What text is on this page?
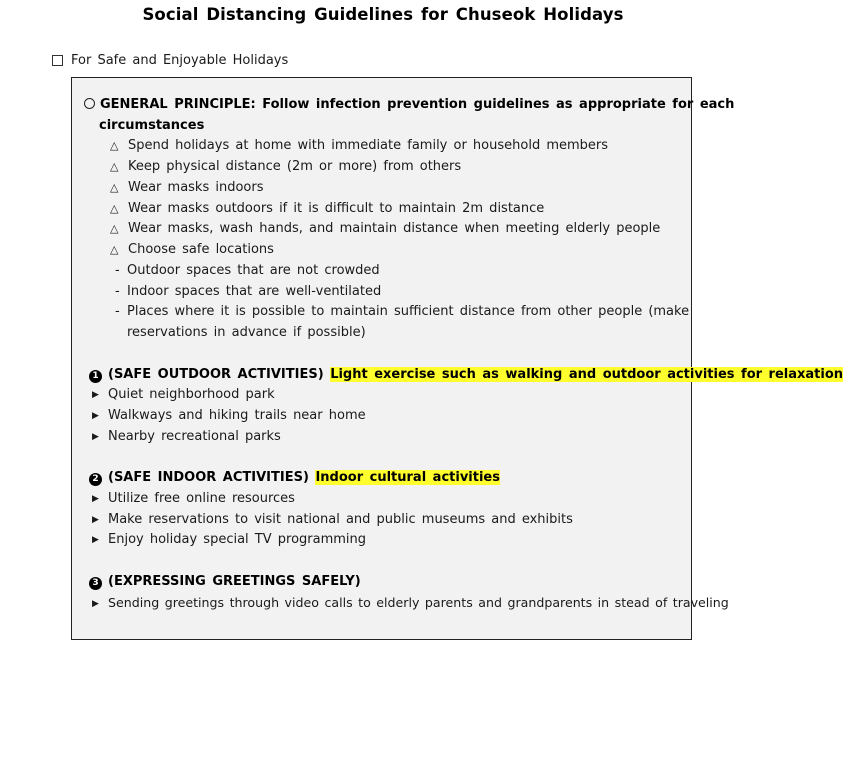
Social Distancing Guidelines for Chuseok Holidays
For Safe and Enjoyable Holidays
GENERAL PRINCIPLE: Follow infection prevention guidelines as appropriate for each
circumstances
△ Spend holidays at home with immediate family or household members
△ Keep physical distance (2m or more) from others
△ Wear masks indoors
△ Wear masks outdoors if it is difficult to maintain 2m distance
△ Wear masks, wash hands, and maintain distance when meeting elderly people
△ Choose safe locations
- Outdoor spaces that are not crowded
- Indoor spaces that are well-ventilated
- Places where it is possible to maintain sufficient distance from other people (make
reservations in advance if possible)
1 (SAFE OUTDOOR ACTIVITIES) Light exercise such as walking and outdoor activities for relaxation
▶ Quiet neighborhood park
▶ Walkways and hiking trails near home
▶ Nearby recreational parks
2 (SAFE INDOOR ACTIVITIES) Indoor cultural activities
▶ Utilize free online resources
▶ Make reservations to visit national and public museums and exhibits
▶ Enjoy holiday special TV programming
3 (EXPRESSING GREETINGS SAFELY)
▶ Sending greetings through video calls to elderly parents and grandparents in stead of traveling
